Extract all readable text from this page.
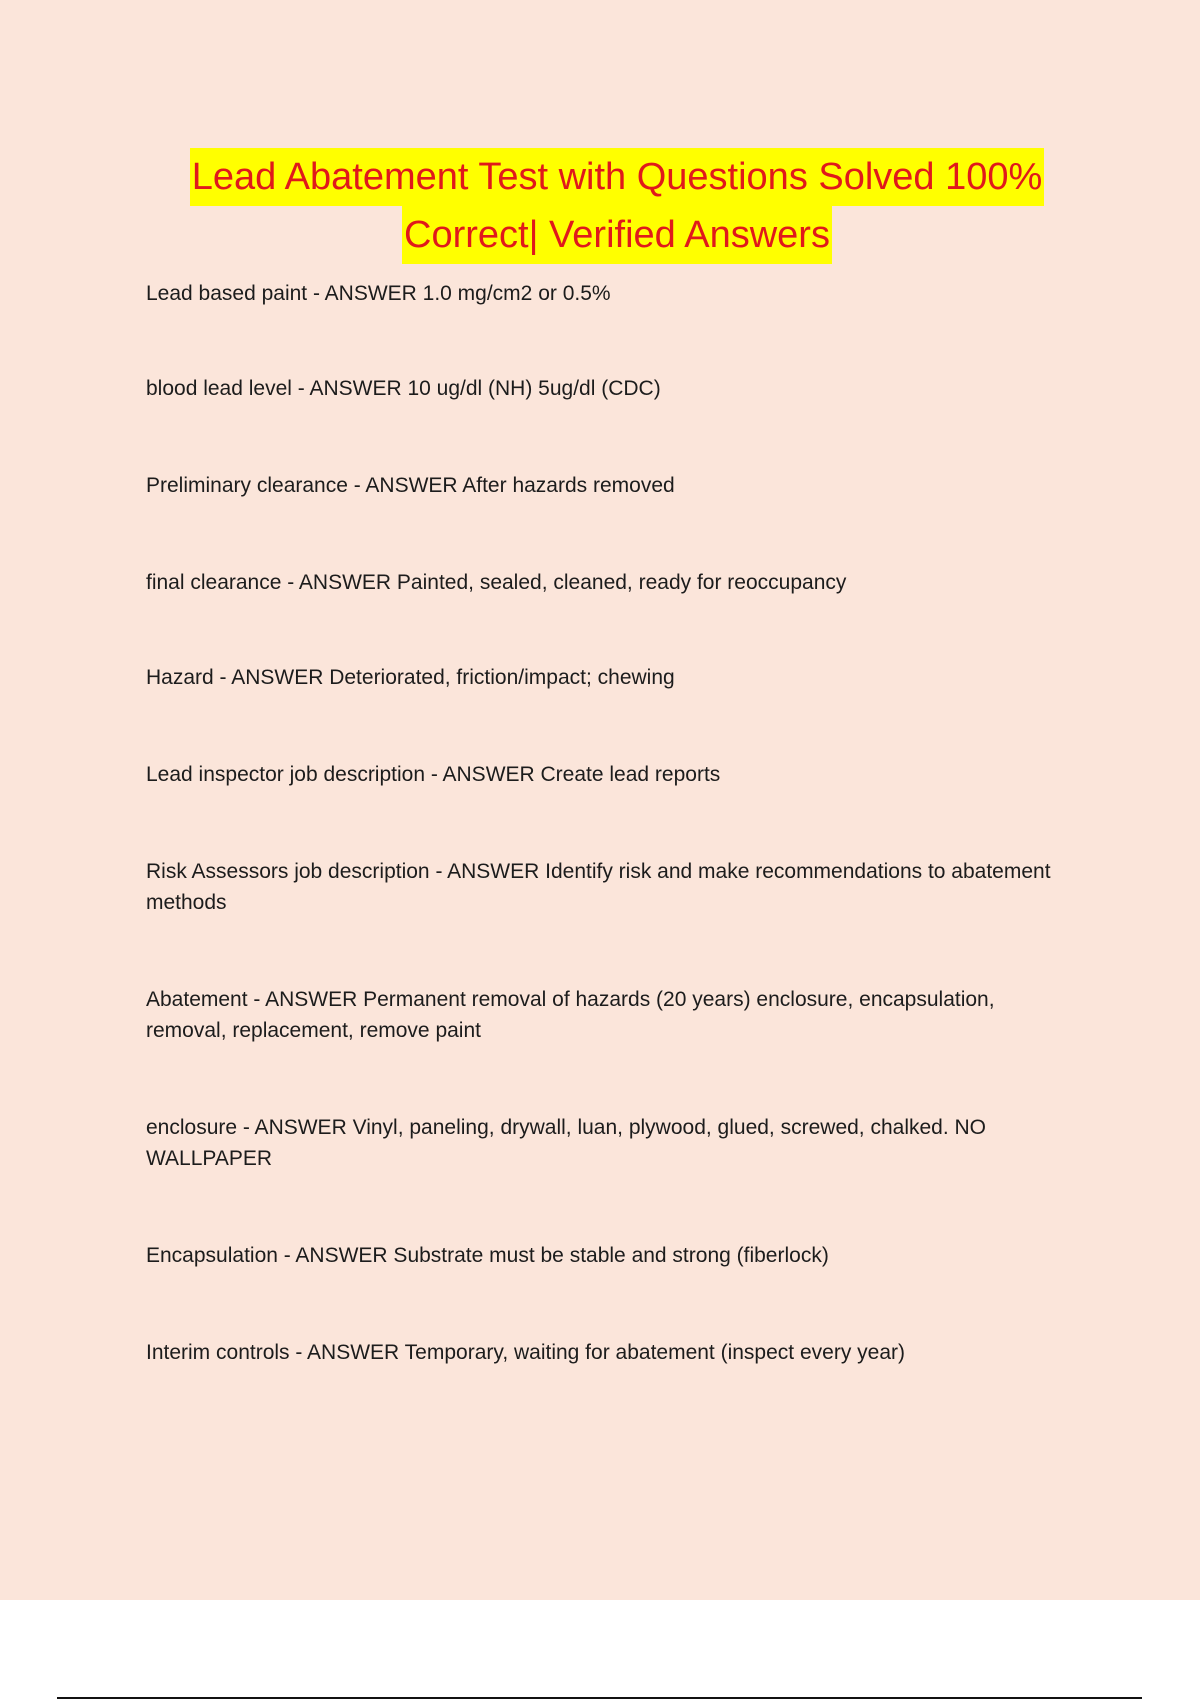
Lead Abatement Test with Questions Solved 100%
Correct| Verified Answers
Lead based paint - ANSWER 1.0 mg/cm2 or 0.5%
blood lead level - ANSWER 10 ug/dl (NH) 5ug/dl (CDC)
Preliminary clearance - ANSWER After hazards removed
final clearance - ANSWER Painted, sealed, cleaned, ready for reoccupancy
Hazard - ANSWER Deteriorated, friction/impact; chewing
Lead inspector job description - ANSWER Create lead reports
Risk Assessors job description - ANSWER Identify risk and make recommendations to abatement methods
Abatement - ANSWER Permanent removal of hazards (20 years) enclosure, encapsulation, removal, replacement, remove paint
enclosure - ANSWER Vinyl, paneling, drywall, luan, plywood, glued, screwed, chalked. NO WALLPAPER
Encapsulation - ANSWER Substrate must be stable and strong (fiberlock)
Interim controls - ANSWER Temporary, waiting for abatement (inspect every year)
